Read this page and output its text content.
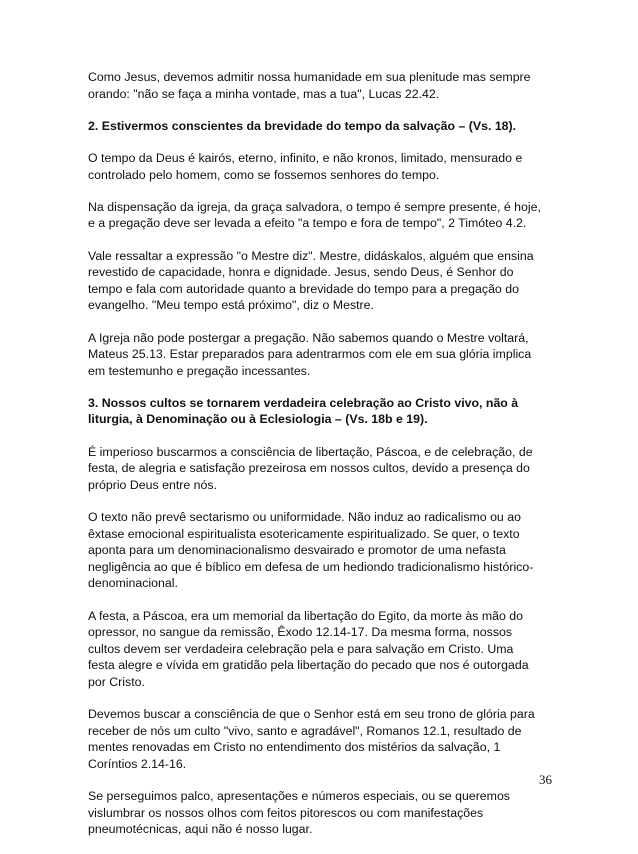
Como Jesus, devemos admitir nossa humanidade em sua plenitude mas sempre
orando: "não se faça a minha vontade, mas a tua", Lucas 22.42.

2. Estivermos conscientes da brevidade do tempo da salvação – (Vs. 18).

O tempo da Deus é kairós, eterno, infinito, e não kronos, limitado, mensurado e
controlado pelo homem, como se fossemos senhores do tempo.

Na dispensação da igreja, da graça salvadora, o tempo é sempre presente, é hoje,
e a pregação deve ser levada a efeito "a tempo e fora de tempo", 2 Timóteo 4.2.

Vale ressaltar a expressão "o Mestre diz". Mestre, didáskalos, alguém que ensina
revestido de capacidade, honra e dignidade. Jesus, sendo Deus, é Senhor do
tempo e fala com autoridade quanto a brevidade do tempo para a pregação do
evangelho. "Meu tempo está próximo", diz o Mestre.

A Igreja não pode postergar a pregação. Não sabemos quando o Mestre voltará,
Mateus 25.13. Estar preparados para adentrarmos com ele em sua glória implica
em testemunho e pregação incessantes.

3. Nossos cultos se tornarem verdadeira celebração ao Cristo vivo, não à
liturgia, à Denominação ou à Eclesiologia – (Vs. 18b e 19).

É imperioso buscarmos a consciência de libertação, Páscoa, e de celebração, de
festa, de alegria e satisfação prezeirosa em nossos cultos, devido a presença do
próprio Deus entre nós.

O texto não prevê sectarismo ou uniformidade. Não induz ao radicalismo ou ao
êxtase emocional espiritualista esotericamente espiritualizado. Se quer, o texto
aponta para um denominacionalismo desvairado e promotor de uma nefasta
negligência ao que é bíblico em defesa de um hediondo tradicionalismo histórico-
denominacional.

A festa, a Páscoa, era um memorial da libertação do Egito, da morte às mão do
opressor, no sangue da remissão, Êxodo 12.14-17. Da mesma forma, nossos
cultos devem ser verdadeira celebração pela e para salvação em Cristo. Uma
festa alegre e vívida em gratidão pela libertação do pecado que nos é outorgada
por Cristo.

Devemos buscar a consciência de que o Senhor está em seu trono de glória para
receber de nós um culto "vivo, santo e agradável", Romanos 12.1, resultado de
mentes renovadas em Cristo no entendimento dos mistérios da salvação, 1
Coríntios 2.14-16.

Se perseguimos palco, apresentações e números especiais, ou se queremos
vislumbrar os nossos olhos com feitos pitorescos ou com manifestações
pneumotécnicas, aqui não é nosso lugar.

36
